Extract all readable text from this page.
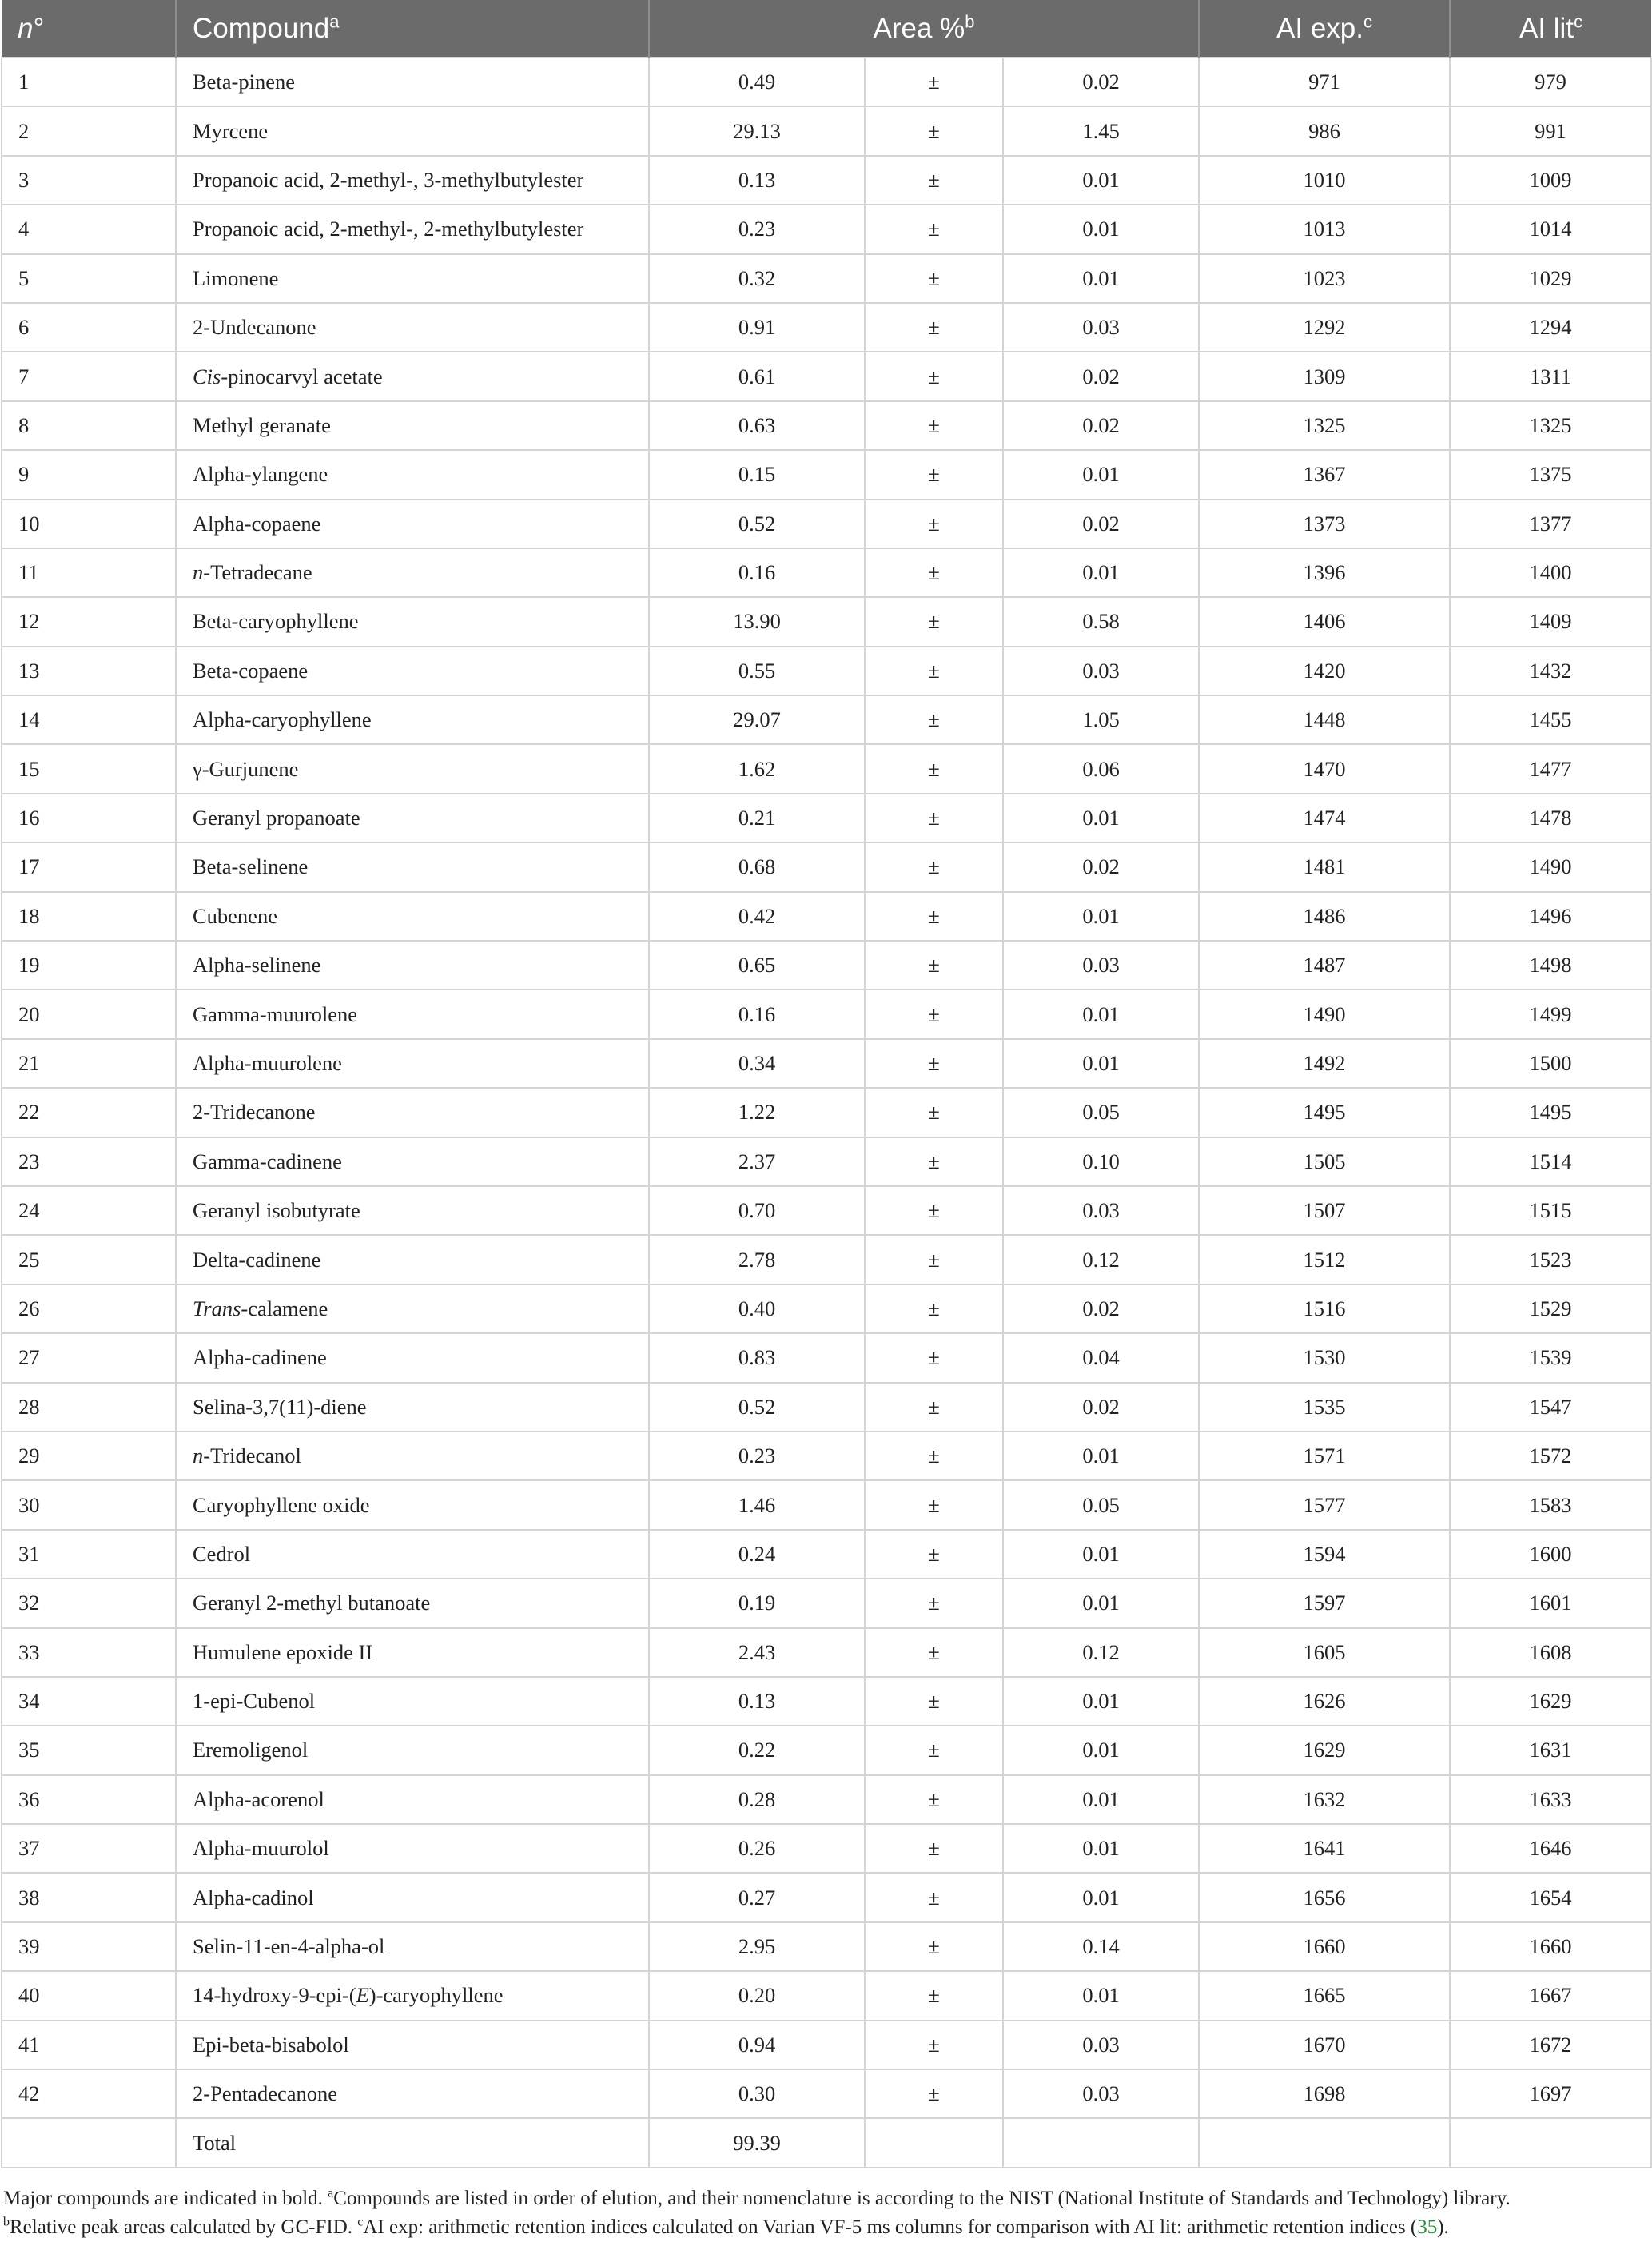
n°	Compound$^a$	Area %$^b$			AI exp.$^c$	AI lit$^c$
1	Beta-pinene	0.49	±	0.02	971	979
2	Myrcene	29.13	±	1.45	986	991
3	Propanoic acid, 2-methyl-, 3-methylbutylester	0.13	±	0.01	1010	1009
4	Propanoic acid, 2-methyl-, 2-methylbutylester	0.23	±	0.01	1013	1014
5	Limonene	0.32	±	0.01	1023	1029
6	2-Undecanone	0.91	±	0.03	1292	1294
7	Cis-pinocarvyl acetate	0.61	±	0.02	1309	1311
8	Methyl geranate	0.63	±	0.02	1325	1325
9	Alpha-ylangene	0.15	±	0.01	1367	1375
10	Alpha-copaene	0.52	±	0.02	1373	1377
11	n-Tetradecane	0.16	±	0.01	1396	1400
12	Beta-caryophyllene	13.90	±	0.58	1406	1409
13	Beta-copaene	0.55	±	0.03	1420	1432
14	Alpha-caryophyllene	29.07	±	1.05	1448	1455
15	γ-Gurjunene	1.62	±	0.06	1470	1477
16	Geranyl propanoate	0.21	±	0.01	1474	1478
17	Beta-selinene	0.68	±	0.02	1481	1490
18	Cubenene	0.42	±	0.01	1486	1496
19	Alpha-selinene	0.65	±	0.03	1487	1498
20	Gamma-muurolene	0.16	±	0.01	1490	1499
21	Alpha-muurolene	0.34	±	0.01	1492	1500
22	2-Tridecanone	1.22	±	0.05	1495	1495
23	Gamma-cadinene	2.37	±	0.10	1505	1514
24	Geranyl isobutyrate	0.70	±	0.03	1507	1515
25	Delta-cadinene	2.78	±	0.12	1512	1523
26	Trans-calamene	0.40	±	0.02	1516	1529
27	Alpha-cadinene	0.83	±	0.04	1530	1539
28	Selina-3,7(11)-diene	0.52	±	0.02	1535	1547
29	n-Tridecanol	0.23	±	0.01	1571	1572
30	Caryophyllene oxide	1.46	±	0.05	1577	1583
31	Cedrol	0.24	±	0.01	1594	1600
32	Geranyl 2-methyl butanoate	0.19	±	0.01	1597	1601
33	Humulene epoxide II	2.43	±	0.12	1605	1608
34	1-epi-Cubenol	0.13	±	0.01	1626	1629
35	Eremoligenol	0.22	±	0.01	1629	1631
36	Alpha-acorenol	0.28	±	0.01	1632	1633
37	Alpha-muurolol	0.26	±	0.01	1641	1646
38	Alpha-cadinol	0.27	±	0.01	1656	1654
39	Selin-11-en-4-alpha-ol	2.95	±	0.14	1660	1660
40	14-hydroxy-9-epi-(E)-caryophyllene	0.20	±	0.01	1665	1667
41	Epi-beta-bisabolol	0.94	±	0.03	1670	1672
42	2-Pentadecanone	0.30	±	0.03	1698	1697
	Total	99.39				
Major compounds are indicated in bold. $^a$Compounds are listed in order of elution, and their nomenclature is according to the NIST (National Institute of Standards and Technology) library.
$^b$Relative peak areas calculated by GC-FID. $^c$AI exp: arithmetic retention indices calculated on Varian VF-5 ms columns for comparison with AI lit: arithmetic retention indices (35).
